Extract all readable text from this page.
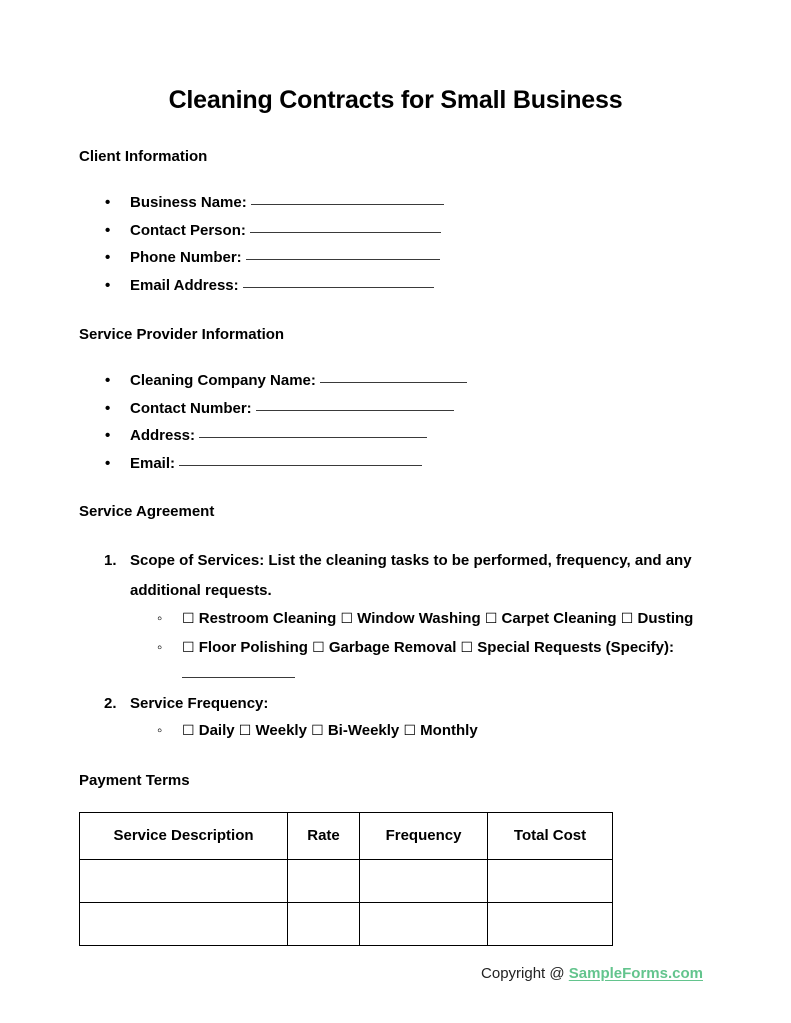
Cleaning Contracts for Small Business
Client Information
• Business Name:
• Contact Person:
• Phone Number:
• Email Address:
Service Provider Information
• Cleaning Company Name:
• Contact Number:
• Address:
• Email:
Service Agreement
Scope of Services: List the cleaning tasks to be performed, frequency, and any additional requests.
◦ ☐ Restroom Cleaning ☐ Window Washing ☐ Carpet Cleaning ☐ Dusting
◦ ☐ Floor Polishing ☐ Garbage Removal ☐ Special Requests (Specify):

Service Frequency:
◦ ☐ Daily ☐ Weekly ☐ Bi-Weekly ☐ Monthly
Payment Terms
Service Description	Rate	Frequency	Total Cost

Copyright @ SampleForms.com
